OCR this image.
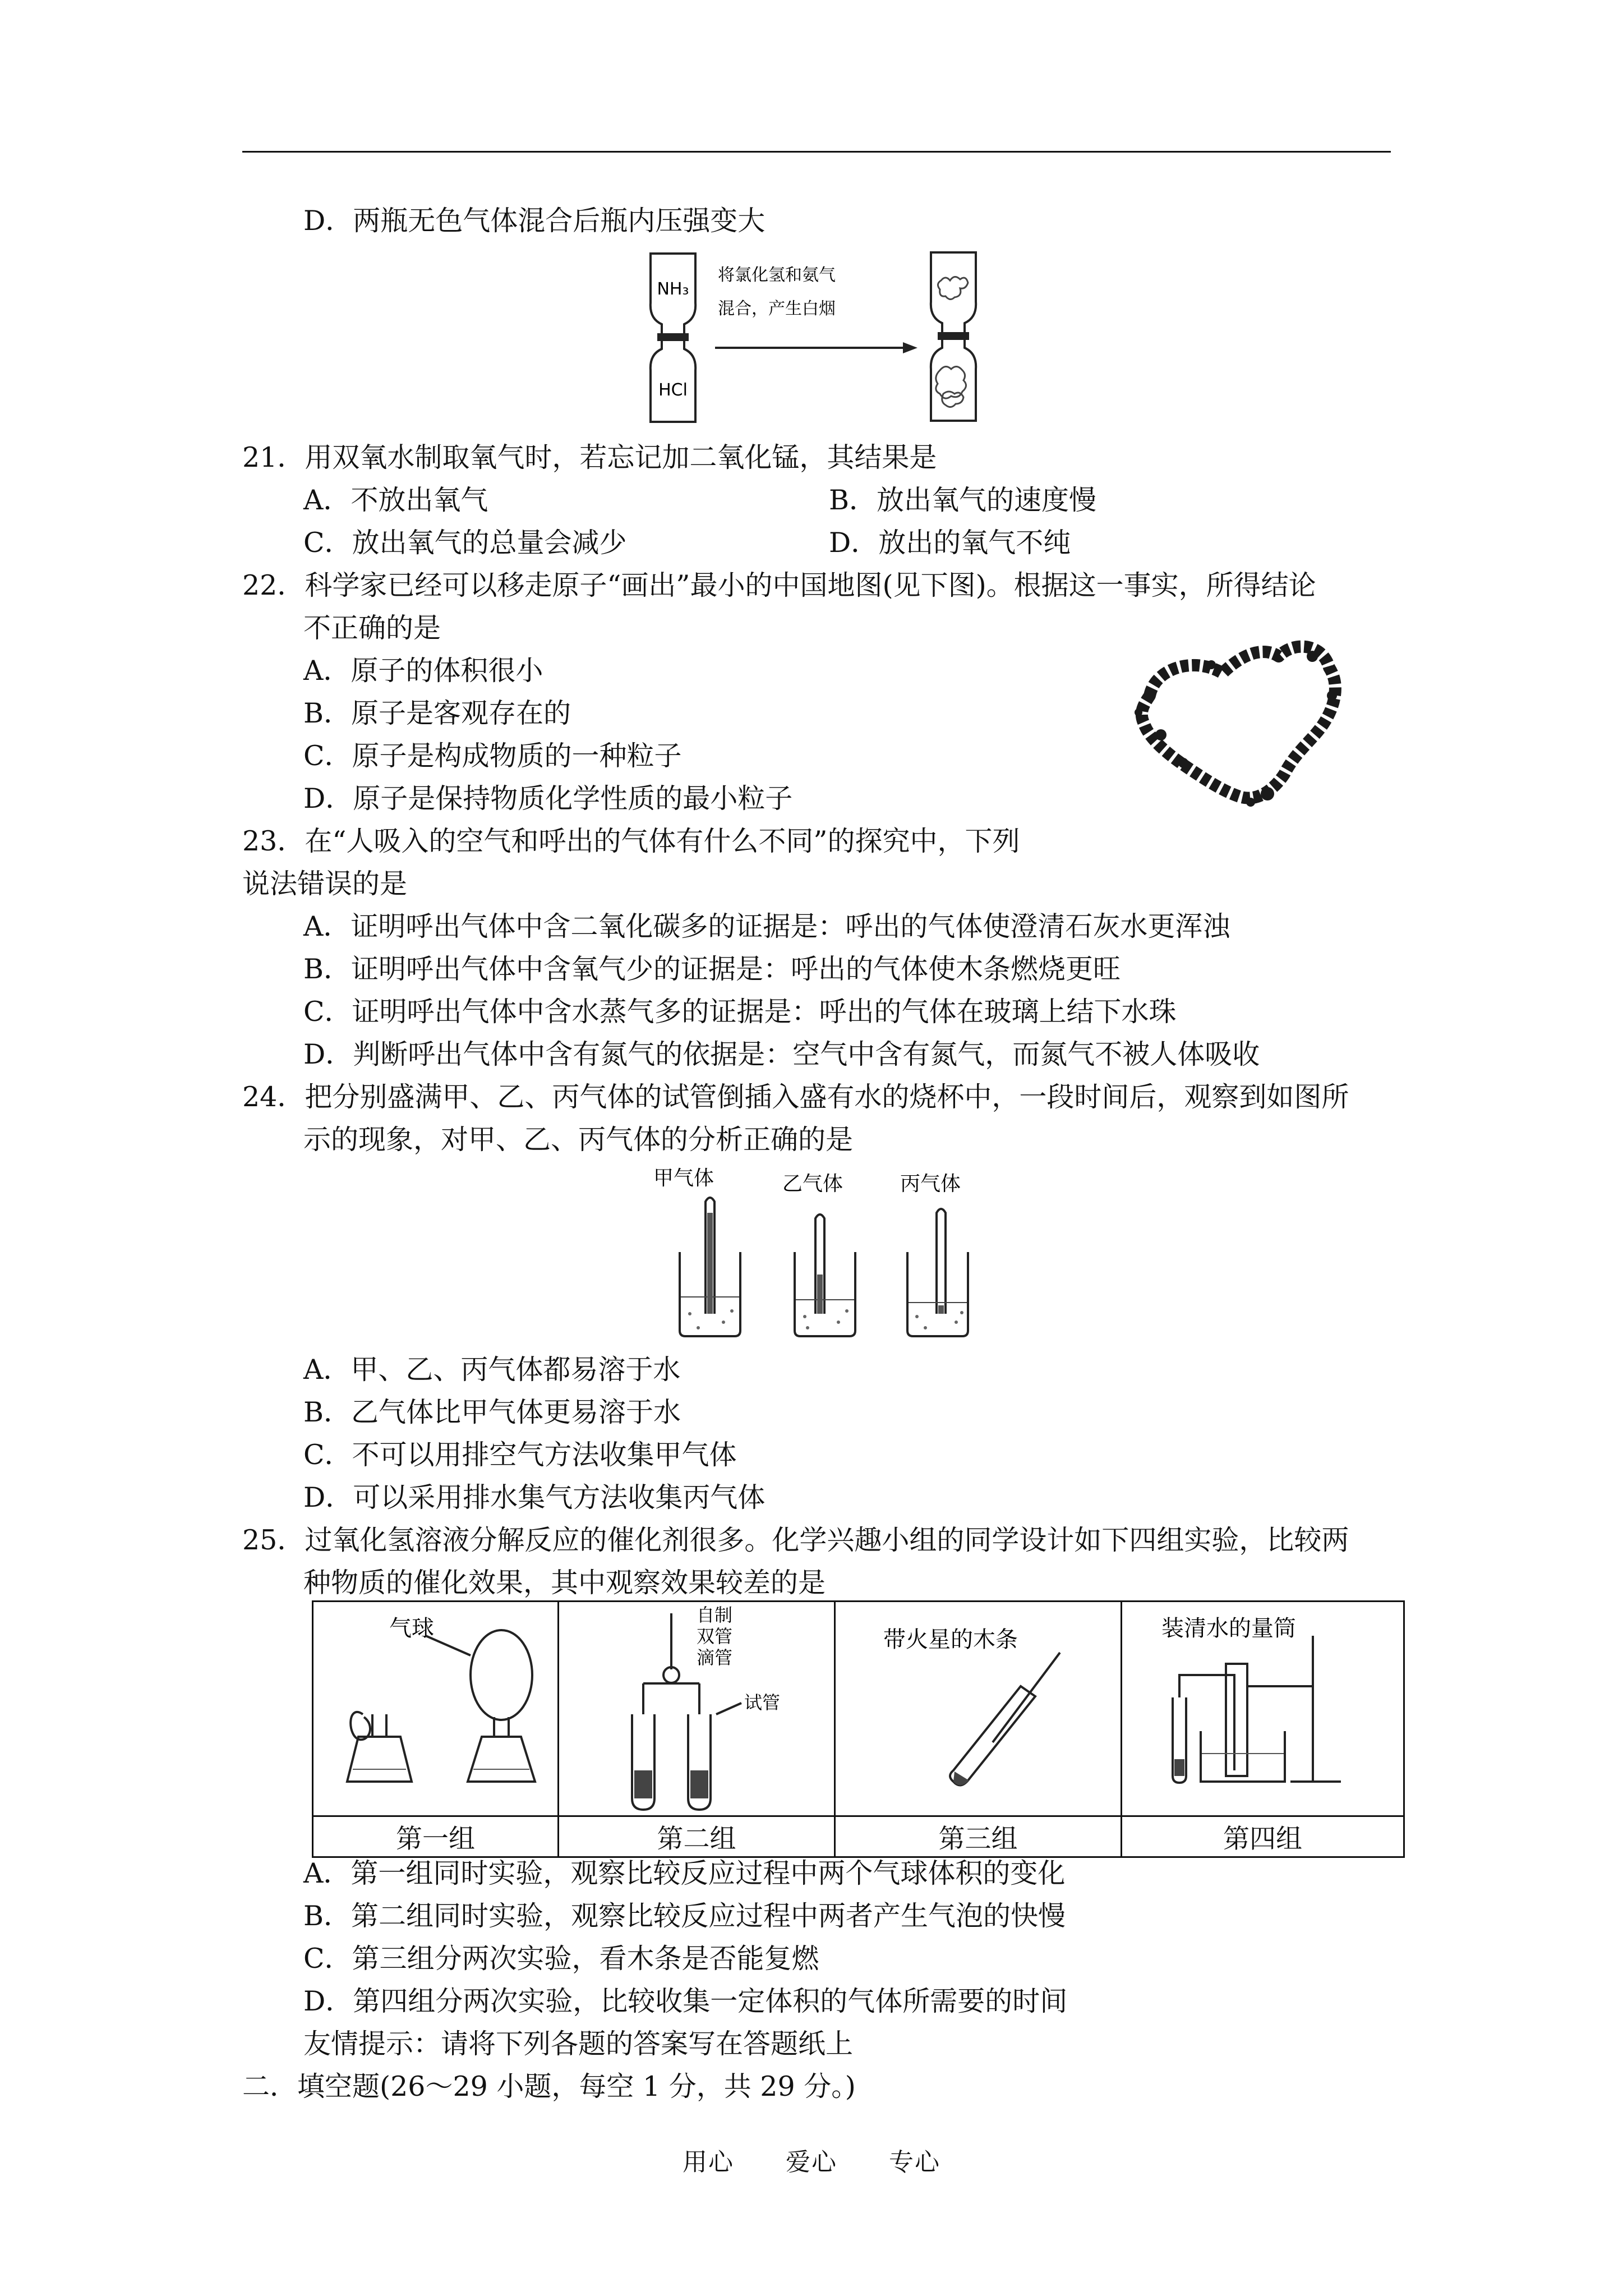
D．两瓶无色气体混合后瓶内压强变大
NH₃
HCl
将氯化氢和氨气
混合，产生白烟
21．用双氧水制取氧气时，若忘记加二氧化锰，其结果是
A．不放出氧气	B．放出氧气的速度慢
C．放出氧气的总量会减少	D．放出的氧气不纯
22．科学家已经可以移走原子“画出”最小的中国地图(见下图)。根据这一事实，所得结论
不正确的是
A．原子的体积很小
B．原子是客观存在的
C．原子是构成物质的一种粒子
D．原子是保持物质化学性质的最小粒子
23．在“人吸入的空气和呼出的气体有什么不同”的探究中，下列
说法错误的是
A．证明呼出气体中含二氧化碳多的证据是：呼出的气体使澄清石灰水更浑浊
B．证明呼出气体中含氧气少的证据是：呼出的气体使木条燃烧更旺
C．证明呼出气体中含水蒸气多的证据是：呼出的气体在玻璃上结下水珠
D．判断呼出气体中含有氮气的依据是：空气中含有氮气，而氮气不被人体吸收
24．把分别盛满甲、乙、丙气体的试管倒插入盛有水的烧杯中，一段时间后，观察到如图所
示的现象，对甲、乙、丙气体的分析正确的是
甲气体	乙气体	丙气体
A．甲、乙、丙气体都易溶于水
B．乙气体比甲气体更易溶于水
C．不可以用排空气方法收集甲气体
D．可以采用排水集气方法收集丙气体
25．过氧化氢溶液分解反应的催化剂很多。化学兴趣小组的同学设计如下四组实验，比较两
种物质的催化效果，其中观察效果较差的是
气球	自制
双管
滴管
试管	带火星的木条	装清水的量筒

第一组	第二组	第三组	第四组
A．第一组同时实验，观察比较反应过程中两个气球体积的变化
B．第二组同时实验，观察比较反应过程中两者产生气泡的快慢
C．第三组分两次实验，看木条是否能复燃
D．第四组分两次实验，比较收集一定体积的气体所需要的时间
友情提示：请将下列各题的答案写在答题纸上
二．填空题(26～29 小题，每空 1 分，共 29 分。)
用心 爱心 专心
